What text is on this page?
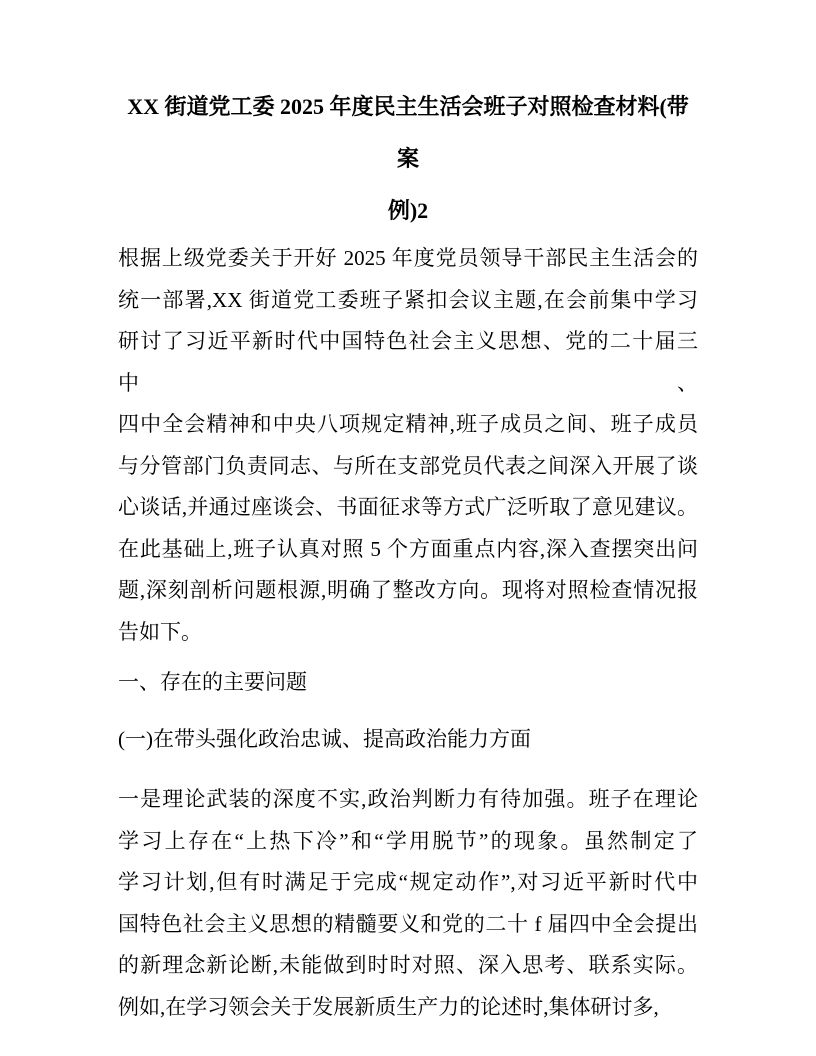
XX 街道党工委 2025 年度民主生活会班子对照检查材料(带案
例)2
根据上级党委关于开好 2025 年度党员领导干部民主生活会的
统一部署,XX 街道党工委班子紧扣会议主题,在会前集中学习
研讨了习近平新时代中国特色社会主义思想、党的二十届三中、
四中全会精神和中央八项规定精神,班子成员之间、班子成员
与分管部门负责同志、与所在支部党员代表之间深入开展了谈
心谈话,并通过座谈会、书面征求等方式广泛听取了意见建议。
在此基础上,班子认真对照 5 个方面重点内容,深入查摆突出问
题,深刻剖析问题根源,明确了整改方向。现将对照检查情况报
告如下。
一、存在的主要问题
(一)在带头强化政治忠诚、提高政治能力方面
一是理论武装的深度不实,政治判断力有待加强。班子在理论
学习上存在“上热下冷”和“学用脱节”的现象。虽然制定了
学习计划,但有时满足于完成“规定动作”,对习近平新时代中
国特色社会主义思想的精髓要义和党的二十 f 届四中全会提出
的新理念新论断,未能做到时时对照、深入思考、联系实际。
例如,在学习领会关于发展新质生产力的论述时,集体研讨多,
